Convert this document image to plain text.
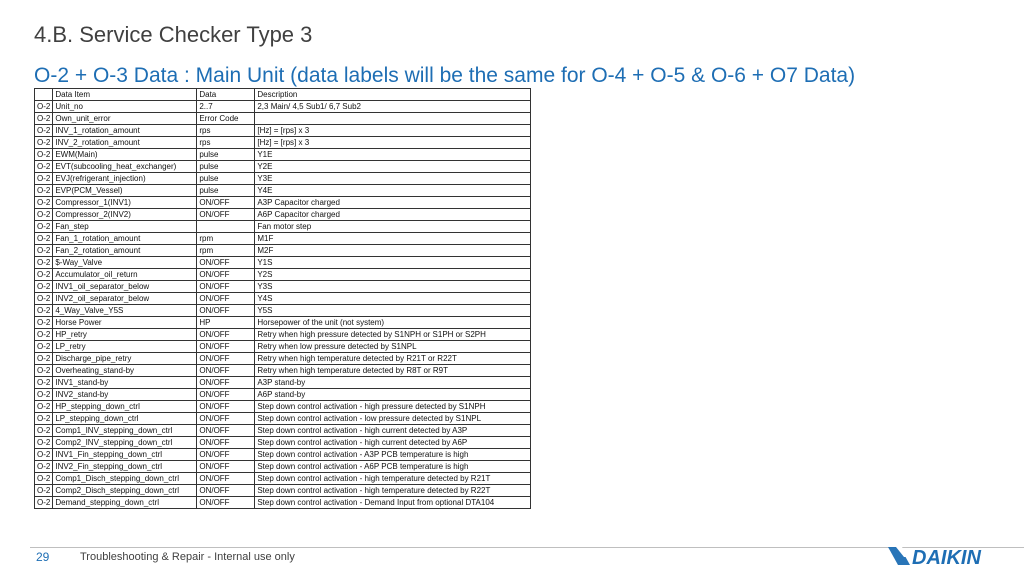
4.B. Service Checker Type 3
O-2 + O-3 Data : Main Unit (data labels will be the same for O-4 + O-5 & O-6 + O7 Data)
	Data Item	Data	Description
O-2	Unit_no	2..7	2,3 Main/ 4,5 Sub1/ 6,7 Sub2
O-2	Own_unit_error	Error Code	
O-2	INV_1_rotation_amount	rps	[Hz] = [rps] x 3
O-2	INV_2_rotation_amount	rps	[Hz] = [rps] x 3
O-2	EWM(Main)	pulse	Y1E
O-2	EVT(subcooling_heat_exchanger)	pulse	Y2E
O-2	EVJ(refrigerant_injection)	pulse	Y3E
O-2	EVP(PCM_Vessel)	pulse	Y4E
O-2	Compressor_1(INV1)	ON/OFF	A3P Capacitor charged
O-2	Compressor_2(INV2)	ON/OFF	A6P Capacitor charged
O-2	Fan_step		Fan motor step
O-2	Fan_1_rotation_amount	rpm	M1F
O-2	Fan_2_rotation_amount	rpm	M2F
O-2	$-Way_Valve	ON/OFF	Y1S
O-2	Accumulator_oil_return	ON/OFF	Y2S
O-2	INV1_oil_separator_below	ON/OFF	Y3S
O-2	INV2_oil_separator_below	ON/OFF	Y4S
O-2	4_Way_Valve_Y5S	ON/OFF	Y5S
O-2	Horse Power	HP	Horsepower of the unit (not system)
O-2	HP_retry	ON/OFF	Retry when high pressure detected by S1NPH or S1PH or S2PH
O-2	LP_retry	ON/OFF	Retry when low pressure detected by S1NPL
O-2	Discharge_pipe_retry	ON/OFF	Retry when high temperature detected by R21T or R22T
O-2	Overheating_stand-by	ON/OFF	Retry when high temperature detected by R8T or R9T
O-2	INV1_stand-by	ON/OFF	A3P stand-by
O-2	INV2_stand-by	ON/OFF	A6P stand-by
O-2	HP_stepping_down_ctrl	ON/OFF	Step down control activation - high pressure detected by S1NPH
O-2	LP_stepping_down_ctrl	ON/OFF	Step down control activation - low pressure detected by S1NPL
O-2	Comp1_INV_stepping_down_ctrl	ON/OFF	Step down control activation - high current detected by A3P
O-2	Comp2_INV_stepping_down_ctrl	ON/OFF	Step down control activation - high current detected by A6P
O-2	INV1_Fin_stepping_down_ctrl	ON/OFF	Step down control activation - A3P PCB temperature is high
O-2	INV2_Fin_stepping_down_ctrl	ON/OFF	Step down control activation - A6P PCB temperature is high
O-2	Comp1_Disch_stepping_down_ctrl	ON/OFF	Step down control activation - high temperature detected by R21T
O-2	Comp2_Disch_stepping_down_ctrl	ON/OFF	Step down control activation - high temperature detected by R22T
O-2	Demand_stepping_down_ctrl	ON/OFF	Step down control activation - Demand Input from optional DTA104
29	Troubleshooting & Repair - Internal use only	DAIKIN
